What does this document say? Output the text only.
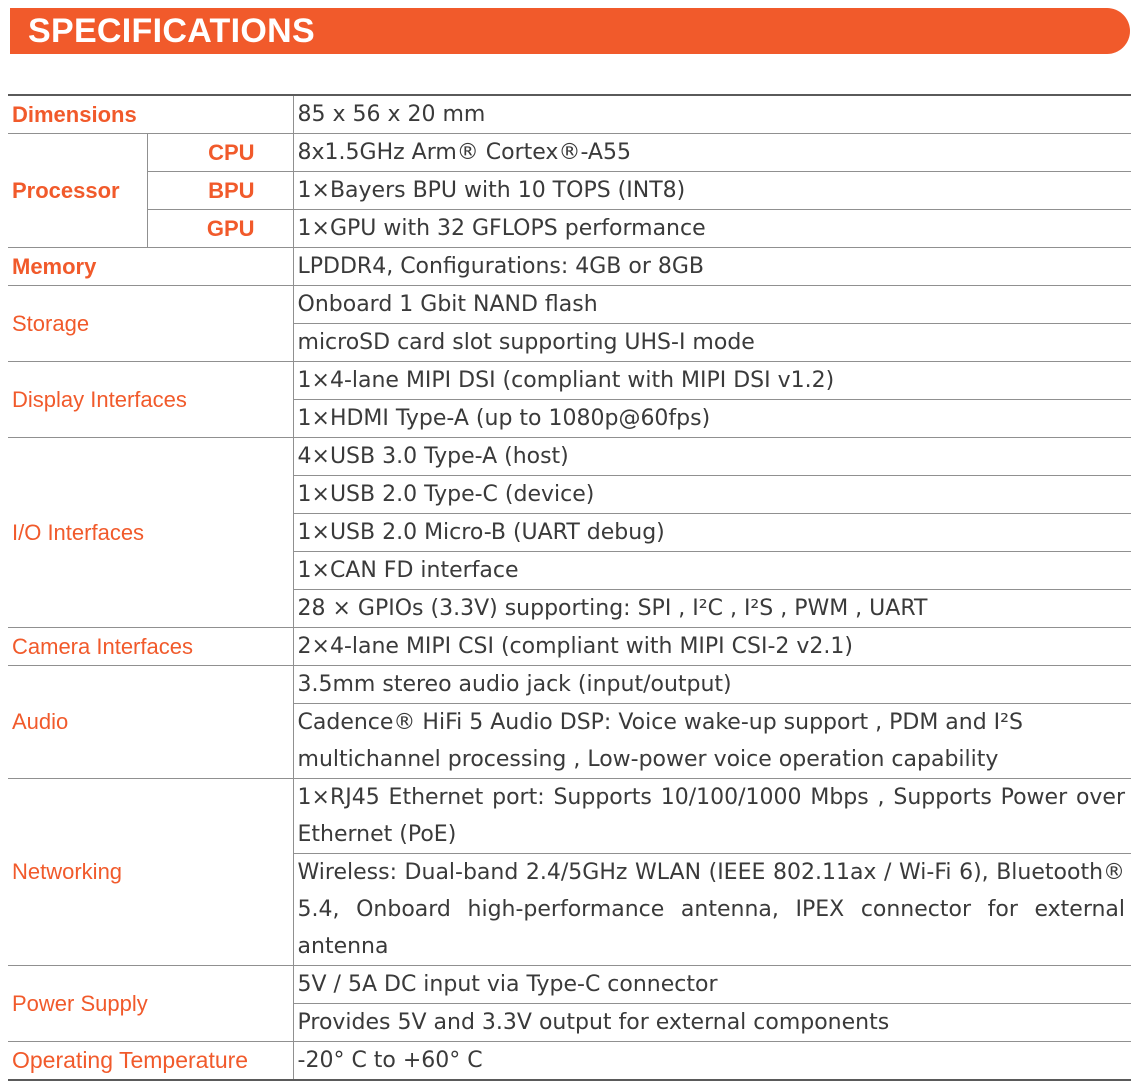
SPECIFICATIONS
Dimensions		85 x 56 x 20 mm
Processor	CPU	8x1.5GHz Arm® Cortex®-A55
	BPU	1×Bayers BPU with 10 TOPS (INT8)
	GPU	1×GPU with 32 GFLOPS performance
Memory		LPDDR4, Configurations: 4GB or 8GB
Storage		Onboard 1 Gbit NAND flash
		microSD card slot supporting UHS-I mode
Display Interfaces		1×4-lane MIPI DSI (compliant with MIPI DSI v1.2)
		1×HDMI Type-A (up to 1080p@60fps)
I/O Interfaces		4×USB 3.0 Type-A (host)
		1×USB 2.0 Type-C (device)
		1×USB 2.0 Micro-B (UART debug)
		1×CAN FD interface
		28 × GPIOs (3.3V) supporting: SPI , I²C , I²S , PWM , UART
Camera Interfaces		2×4-lane MIPI CSI (compliant with MIPI CSI-2 v2.1)
Audio		3.5mm stereo audio jack (input/output)

		Cadence® HiFi 5 Audio DSP: Voice wake-up support , PDM and I²S
multichannel processing , Low-power voice operation capability

Networking		1×RJ45 Ethernet port: Supports 10/100/1000 Mbps , Supports Power over Ethernet (PoE)
		Wireless: Dual-band 2.4/5GHz WLAN (IEEE 802.11ax / Wi-Fi 6), Bluetooth® 5.4, Onboard high-performance antenna, IPEX connector for external antenna
Power Supply		5V / 5A DC input via Type-C connector
		Provides 5V and 3.3V output for external components
Operating Temperature		-20° C to +60° C
